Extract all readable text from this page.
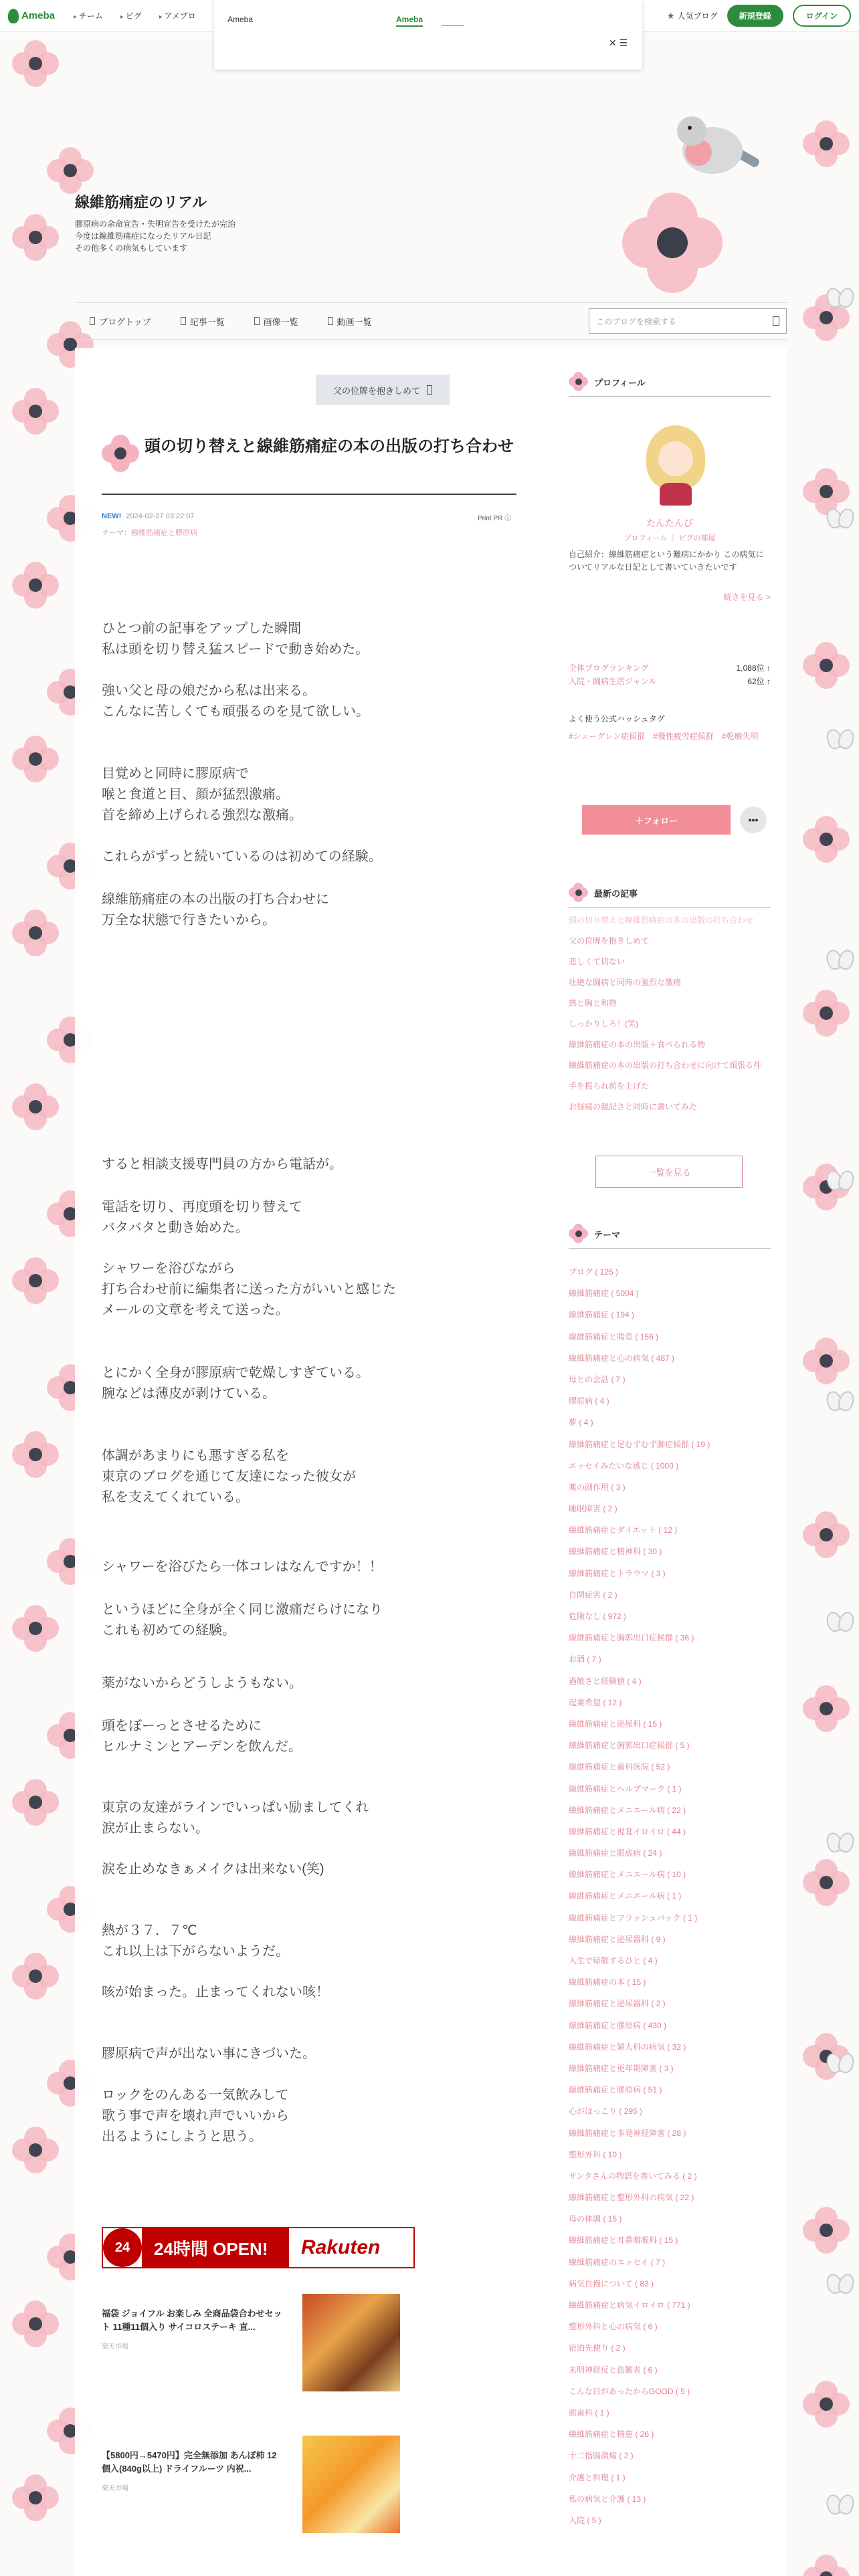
Ameba	▸ チーム	▸ ピグ	▸ アメブロ	★ 人気ブログ	新規登録	ログイン
Ameba	Ameba
✕ ☰
線維筋痛症のリアル
膠原病の余命宣告・失明宣告を受けたが完治
今度は線維筋痛症になったリアル日記
その他多くの病気もしています
ブログトップ	記事一覧	画像一覧	動画一覧	このブログを検索する
父の位牌を抱きしめて
頭の切り替えと線維筋痛症の本の出版の打ち合わせ
NEW! 2024-02-27 03:22:07	Print PR ⓘ
テーマ：線維筋痛症と膠原病
ひとつ前の記事をアップした瞬間
私は頭を切り替え猛スピードで動き始めた。
強い父と母の娘だから私は出来る。
こんなに苦しくても頑張るのを見て欲しい。
目覚めと同時に膠原病で
喉と食道と目、顔が猛烈激痛。
首を締め上げられる強烈な激痛。
これらがずっと続いているのは初めての経験。
線維筋痛症の本の出版の打ち合わせに
万全な状態で行きたいから。
すると相談支援専門員の方から電話が。
電話を切り、再度頭を切り替えて
バタバタと動き始めた。
シャワーを浴びながら
打ち合わせ前に編集者に送った方がいいと感じた
メールの文章を考えて送った。
とにかく全身が膠原病で乾燥しすぎている。
腕などは薄皮が剥けている。
体調があまりにも悪すぎる私を
東京のブログを通じて友達になった彼女が
私を支えてくれている。
シャワーを浴びたら一体コレはなんですか！！
というほどに全身が全く同じ激痛だらけになり
これも初めての経験。
薬がないからどうしようもない。
頭をぼーっとさせるために
ヒルナミンとアーデンを飲んだ。
東京の友達がラインでいっぱい励ましてくれ
涙が止まらない。
涙を止めなきぁメイクは出来ない(笑)
熱が３７．７℃
これ以上は下がらないようだ。
咳が始まった。止まってくれない咳！
膠原病で声が出ない事にきづいた。
ロックをのんある一気飲みして
歌う事で声を壊れ声でいいから
出るようにしようと思う。
24	24時間 OPEN!	Rakuten
福袋 ジョイフル お楽しみ 全商品袋合わせセット 11種11個入り サイコロステーキ 直...
楽天市場
【5800円→5470円】完全無添加 あんぽ柿 12個入(840g以上) ドライフルーツ 内祝...
楽天市場
プロフィール
たんたんび
プロフィール ｜ ピグの部屋
自己紹介：線維筋痛症という難病にかかり この病気についてリアルな日記として書いていきたいです
続きを見る >
全体ブログランキング	1,088位 ↑
入院・闘病生活ジャンル	62位 ↑
よく使う公式ハッシュタグ
#シェーグレン症候群　#慢性疲労症候群　#乾癬失明
＋フォロー	•••
最新の記事
頭の切り替えと線維筋痛症の本の出版の打ち合わせ
父の位牌を抱きしめて
悲しくて切ない
壮絶な闘病と同時の強烈な激痛
熱と胸と和物
しっかりしろ！(笑)
線維筋痛症の本の出版＋食べられる物
線維筋痛症の本の出版の打ち合わせに向けて頑張る件
手を振られ前を上げた
お昼寝の親記さと同時に書いてみた
一覧を見る
テーマ
ブログ ( 125 )
線維筋痛症 ( 5004 )
線維筋痛症 ( 194 )
線維筋痛症と喘息 ( 156 )
線維筋痛症と心の病気 ( 487 )
母との会話 ( 7 )
膠原病 ( 4 )
夢 ( 4 )
線維筋痛症と足むずむず脚症候群 ( 19 )
エッセイみたいな感じ ( 1000 )
薬の副作用 ( 3 )
睡眠障害 ( 2 )
線維筋痛症とダイエット ( 12 )
線維筋痛症と精神科 ( 30 )
線維筋痛症とトラウマ ( 3 )
自閉症害 ( 2 )
危険なし ( 972 )
線維筋痛症と胸郭出口症候群 ( 36 )
お酒 ( 7 )
過敏さと経験値 ( 4 )
起業希望 ( 12 )
線維筋痛症と泌尿科 ( 15 )
線維筋痛症と胸郭出口症候群 ( 5 )
線維筋痛症と歯科医院 ( 52 )
線維筋痛症とヘルプマーク ( 1 )
線維筋痛症とメニエール病 ( 22 )
線維筋痛症と視覚イロイロ ( 44 )
線維筋痛症と眼底病 ( 24 )
線維筋痛症とメニエール病 ( 10 )
線維筋痛症とメニエール病 ( 1 )
線維筋痛症とフラッシュバック ( 1 )
線維筋痛症と泌尿器科 ( 9 )
入生で帰敬するひと ( 4 )
線維筋痛症の本 ( 15 )
線維筋痛症と泌尿器科 ( 2 )
線維筋痛症と膠原病 ( 430 )
線維筋痛症と婦人科の病気 ( 32 )
線維筋痛症と更年期障害 ( 3 )
線維筋痛症と膠原病 ( 51 )
心がほっこり ( 295 )
線維筋痛症と多発神経障害 ( 28 )
整形外科 ( 10 )
サンタさんの物語を書いてみる ( 2 )
線維筋痛症と整形外科の病気 ( 22 )
母の体調 ( 15 )
線維筋痛症と耳鼻咽喉科 ( 15 )
線維筋痛症のエッセイ ( 7 )
病気自慢について ( 83 )
線維筋痛症と病気イロイロ ( 771 )
整形外科と心の病気 ( 6 )
宿泊先便り ( 2 )
未明神経反と盗難者 ( 6 )
こんな日があったからGOOD ( 5 )
前歯科 ( 1 )
線維筋痛症と精患 ( 26 )
十二指腸潰瘍 ( 2 )
介護と料理 ( 1 )
私の病気と介護 ( 13 )
入院 ( 5 )
